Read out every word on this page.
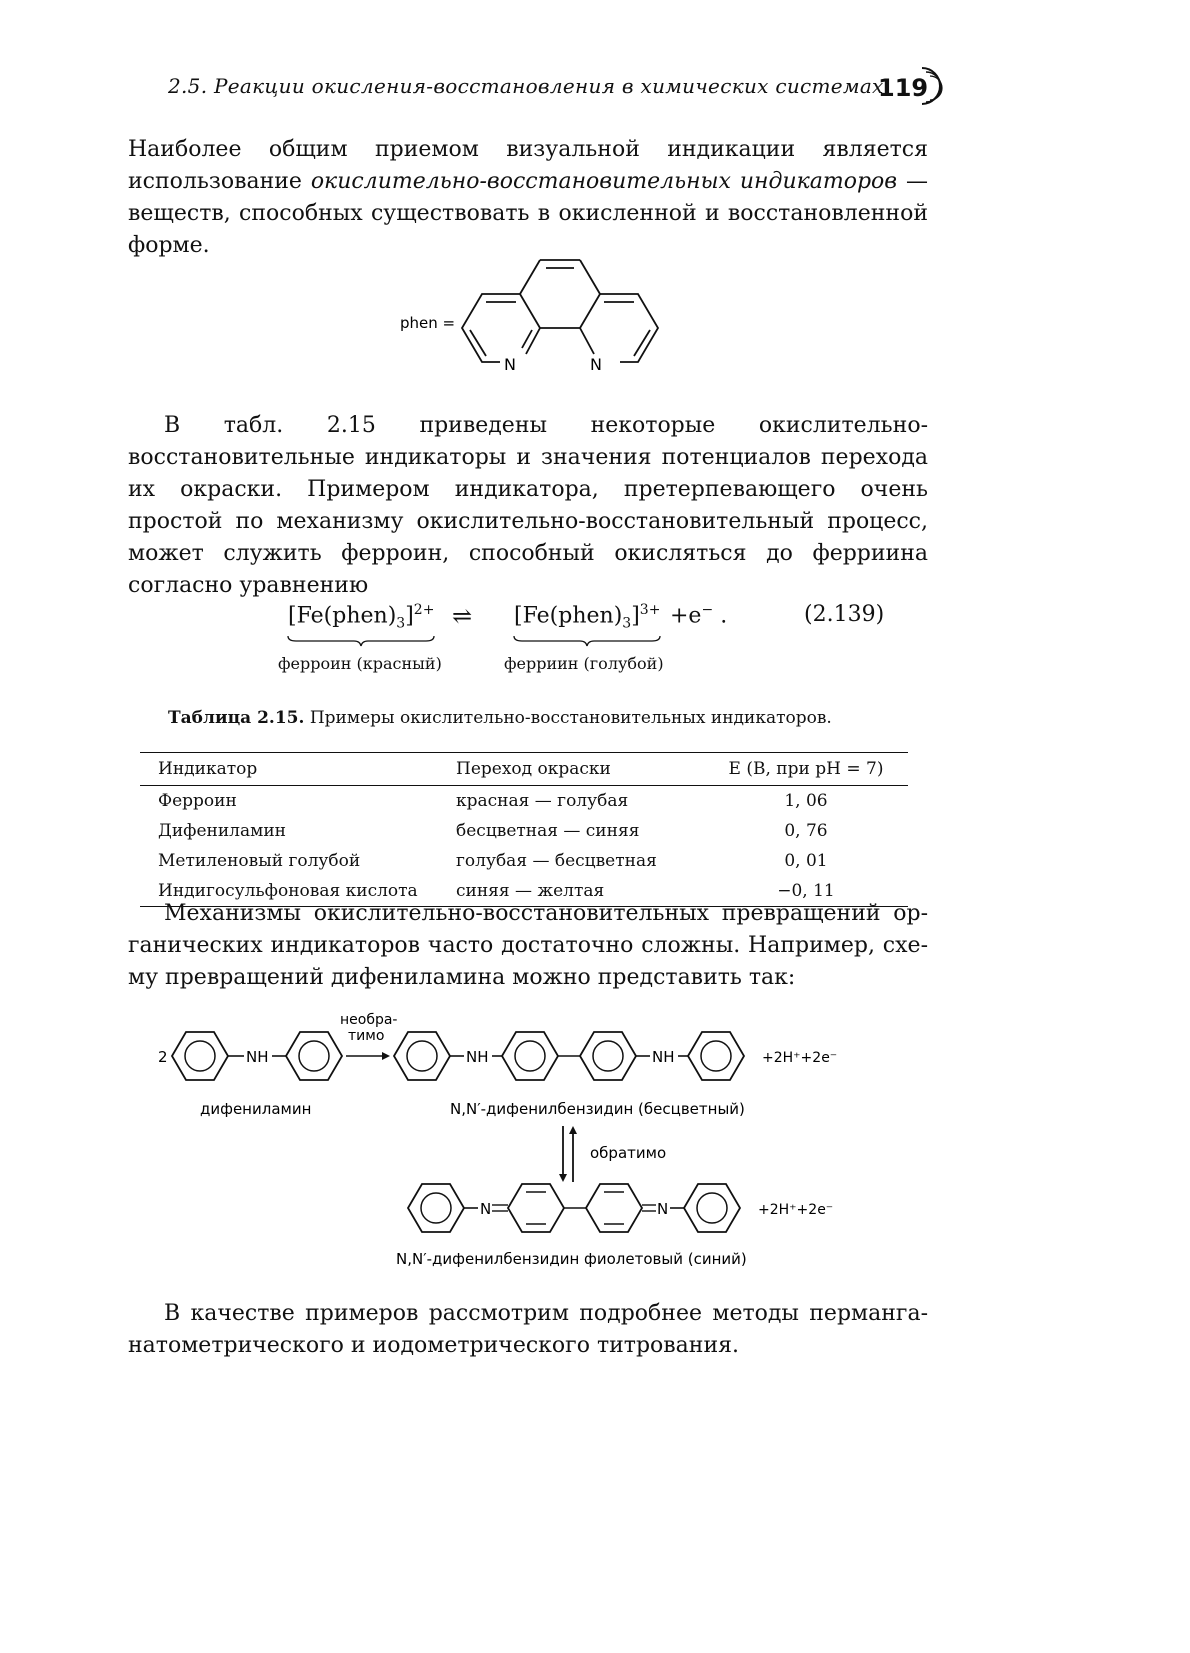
2.5. Реакции окисления-восстановления в химических системах
119
Наиболее общим приемом визуальной индикации является использование окислительно-восстановительных индикаторов — веществ, способных существовать в окисленной и восстановленной форме.
phen =
N	N
В табл. 2.15 приведены некоторые окислительно-восстановительные индикаторы и значения потенциалов перехода их окраски. Примером индикатора, претерпевающего очень простой по механизму окислительно-восстановительный процесс, может служить ферроин, способный окисляться до ферриина согласно уравнению
$[Fe(phen)_3]^{2+}$
ферроин (красный)
⇌ $[Fe(phen)_3]^{3+}$
ферриин (голубой)
+e− .	(2.139)
Таблица 2.15. Примеры окислительно-восстановительных индикаторов.
Индикатор	Переход окраски	E (В, при pH = 7)
Ферроин	красная — голубая	1, 06
Дифениламин	бесцветная — синяя	0, 76
Метиленовый голубой	голубая — бесцветная	0, 01
Индигосульфоновая кислота	синяя — желтая	−0, 11
Механизмы окислительно-восстановительных превращений органических индикаторов часто достаточно сложны. Например, схему превращений дифениламина можно представить так:
2	NH
необра-
тимо
NH	NH	+2H⁺+2e⁻
дифениламин	N,N′-дифенилбензидин (бесцветный)
обратимо
N	N	+2H⁺+2e⁻
N,N′-дифенилбензидин фиолетовый (синий)
В качестве примеров рассмотрим подробнее методы перманганатометрического и иодометрического титрования.
